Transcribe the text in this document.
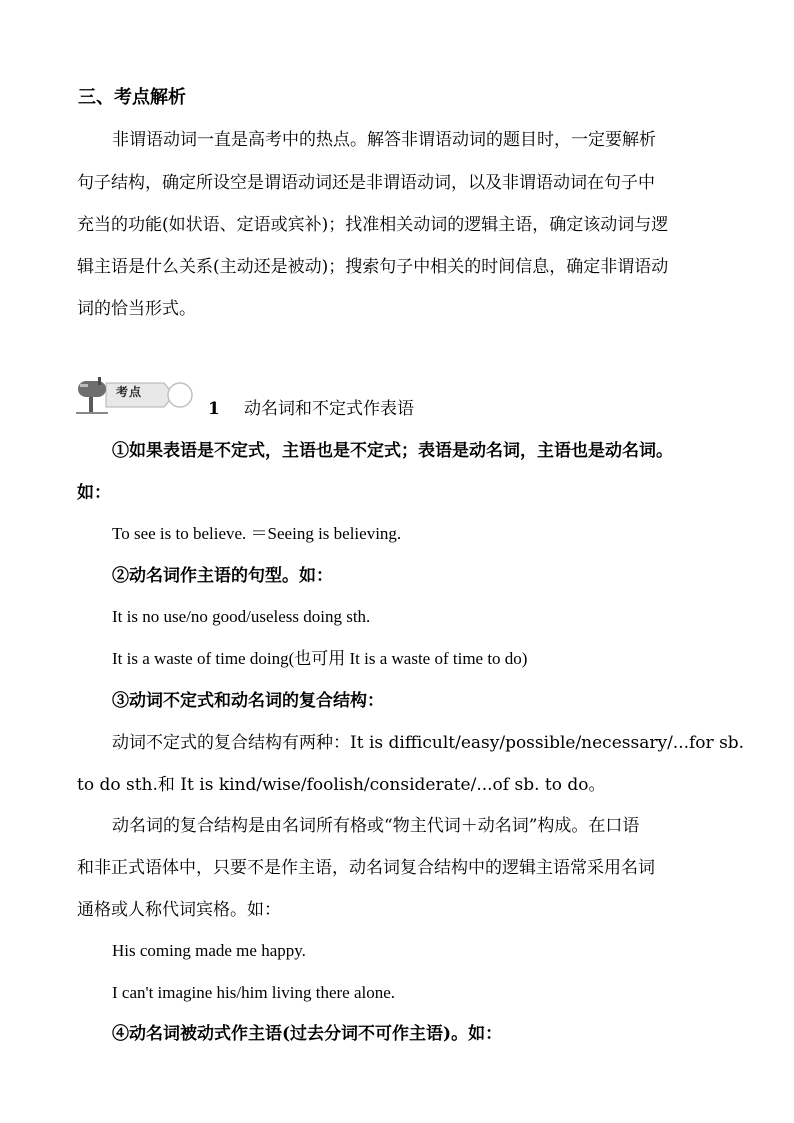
三、考点解析
非谓语动词一直是高考中的热点。解答非谓语动词的题目时，一定要解析
句子结构，确定所设空是谓语动词还是非谓语动词，以及非谓语动词在句子中
充当的功能(如状语、定语或宾补)；找准相关动词的逻辑主语，确定该动词与逻
辑主语是什么关系(主动还是被动)；搜索句子中相关的时间信息，确定非谓语动
词的恰当形式。
考点
1 动名词和不定式作表语
①如果表语是不定式，主语也是不定式；表语是动名词，主语也是动名词。
如：
To see is to believe. ＝Seeing is believing.
②动名词作主语的句型。如：
It is no use/no good/useless doing sth.
It is a waste of time doing(也可用 It is a waste of time to do)
③动词不定式和动名词的复合结构：
动词不定式的复合结构有两种：It is difficult/easy/possible/necessary/...for sb.
to do sth.和 It is kind/wise/foolish/considerate/...of sb. to do。
动名词的复合结构是由名词所有格或“物主代词＋动名词”构成。在口语
和非正式语体中，只要不是作主语，动名词复合结构中的逻辑主语常采用名词
通格或人称代词宾格。如：
His coming made me happy.
I can't imagine his/him living there alone.
④动名词被动式作主语(过去分词不可作主语)。如：
